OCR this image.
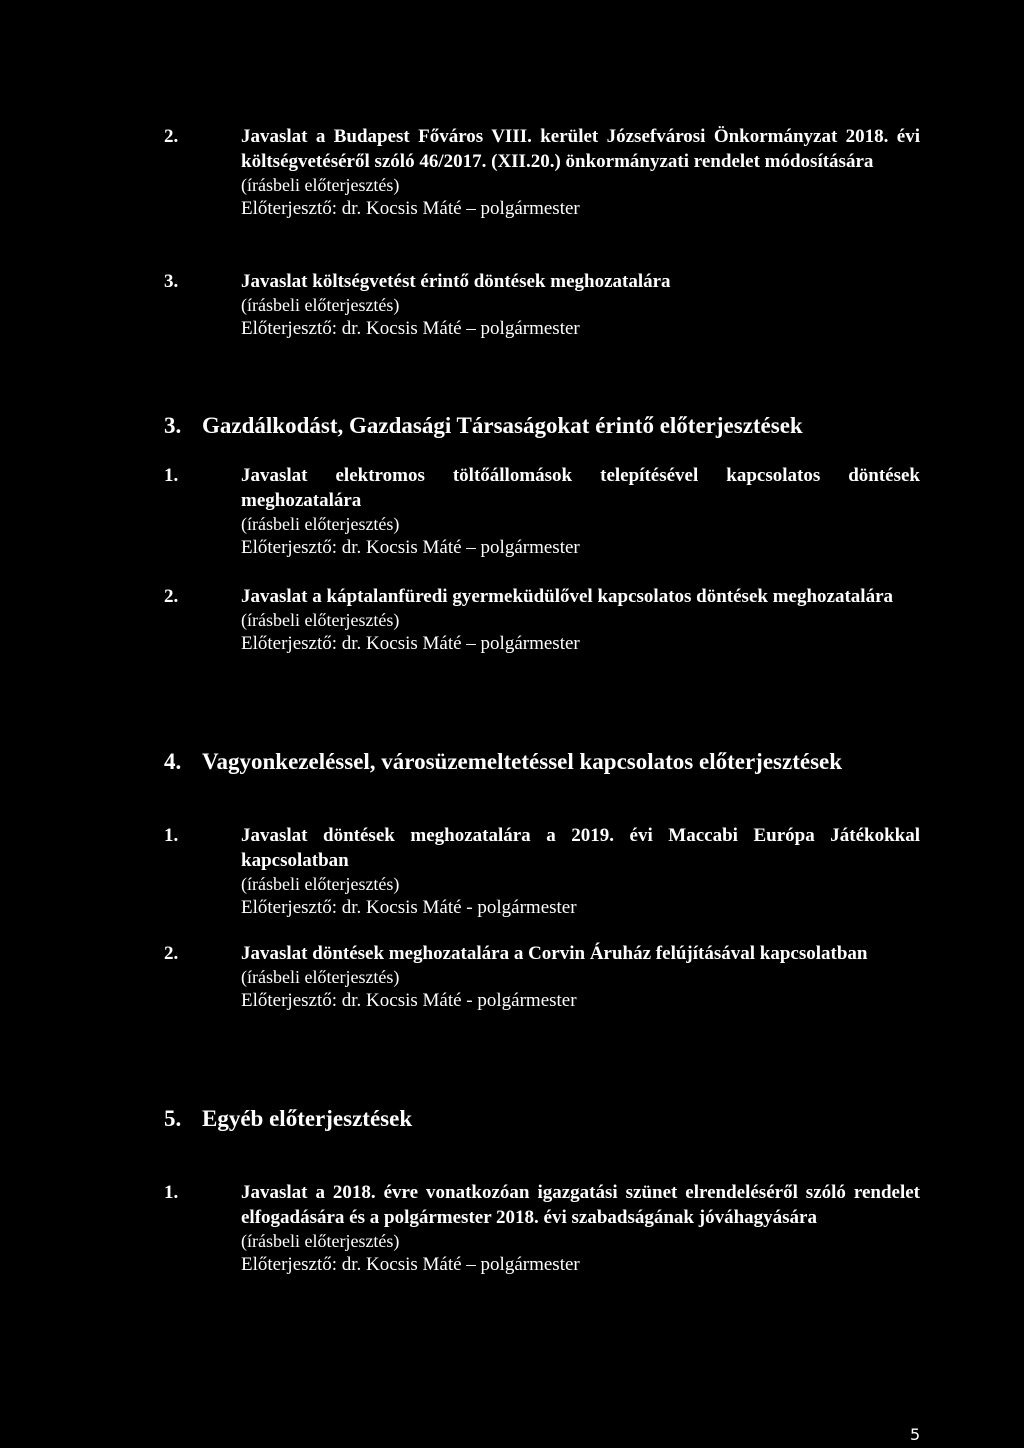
2.	Javaslat a Budapest Főváros VIII. kerület Józsefvárosi Önkormányzat 2018. évi költségvetéséről szóló 46/2017. (XII.20.) önkormányzati rendelet módosítására

(írásbeli előterjesztés)

Előterjesztő: dr. Kocsis Máté – polgármester

3.	Javaslat költségvetést érintő döntések meghozatalára

(írásbeli előterjesztés)

Előterjesztő: dr. Kocsis Máté – polgármester

3. Gazdálkodást, Gazdasági Társaságokat érintő előterjesztések
1.	Javaslat elektromos töltőállomások telepítésével kapcsolatos döntések meghozatalára

(írásbeli előterjesztés)

Előterjesztő: dr. Kocsis Máté – polgármester

2.	Javaslat a káptalanfüredi gyermeküdülővel kapcsolatos döntések meghozatalára

(írásbeli előterjesztés)

Előterjesztő: dr. Kocsis Máté – polgármester

4. Vagyonkezeléssel, városüzemeltetéssel kapcsolatos előterjesztések
1.	Javaslat döntések meghozatalára a 2019. évi Maccabi Európa Játékokkal kapcsolatban

(írásbeli előterjesztés)

Előterjesztő: dr. Kocsis Máté - polgármester

2.	Javaslat döntések meghozatalára a Corvin Áruház felújításával kapcsolatban

(írásbeli előterjesztés)

Előterjesztő: dr. Kocsis Máté - polgármester

5. Egyéb előterjesztések
1.	Javaslat a 2018. évre vonatkozóan igazgatási szünet elrendeléséről szóló rendelet elfogadására és a polgármester 2018. évi szabadságának jóváhagyására

(írásbeli előterjesztés)

Előterjesztő: dr. Kocsis Máté – polgármester

5
